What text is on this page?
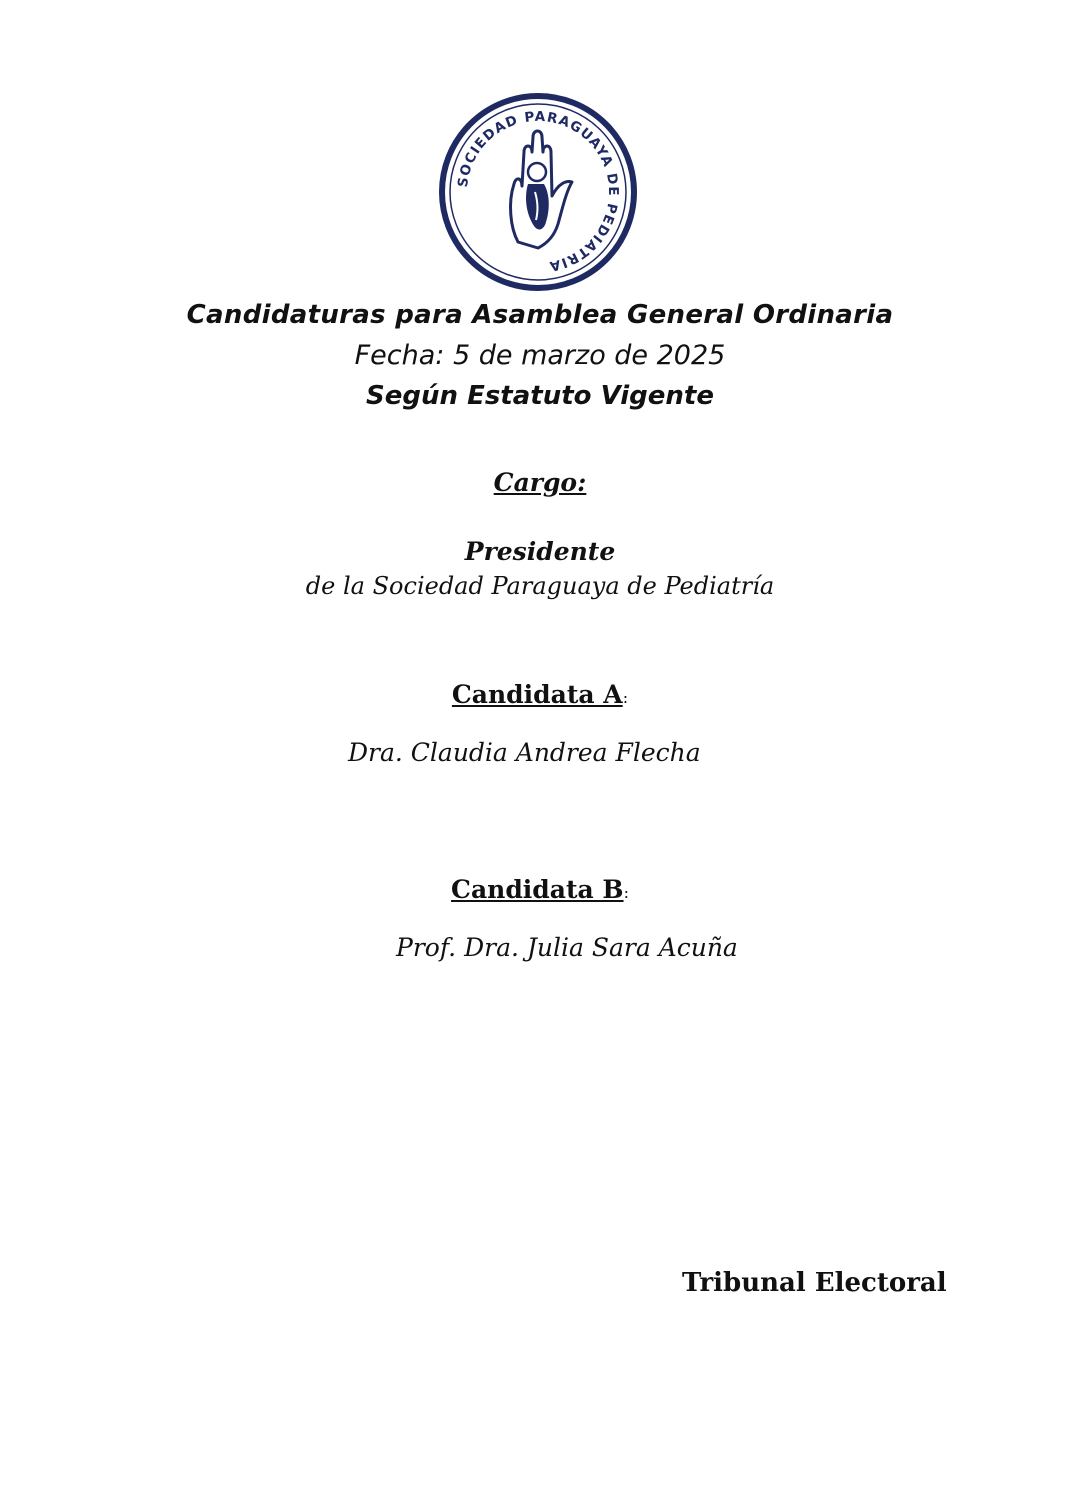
SOCIEDAD PARAGUAYA DE PEDIATRIA
Candidaturas para Asamblea General Ordinaria
Fecha: 5 de marzo de 2025
Según Estatuto Vigente
Cargo:
Presidente
de la Sociedad Paraguaya de Pediatría
Candidata A:
Dra. Claudia Andrea Flecha
Candidata B:
Prof. Dra. Julia Sara Acuña
Tribunal Electoral
